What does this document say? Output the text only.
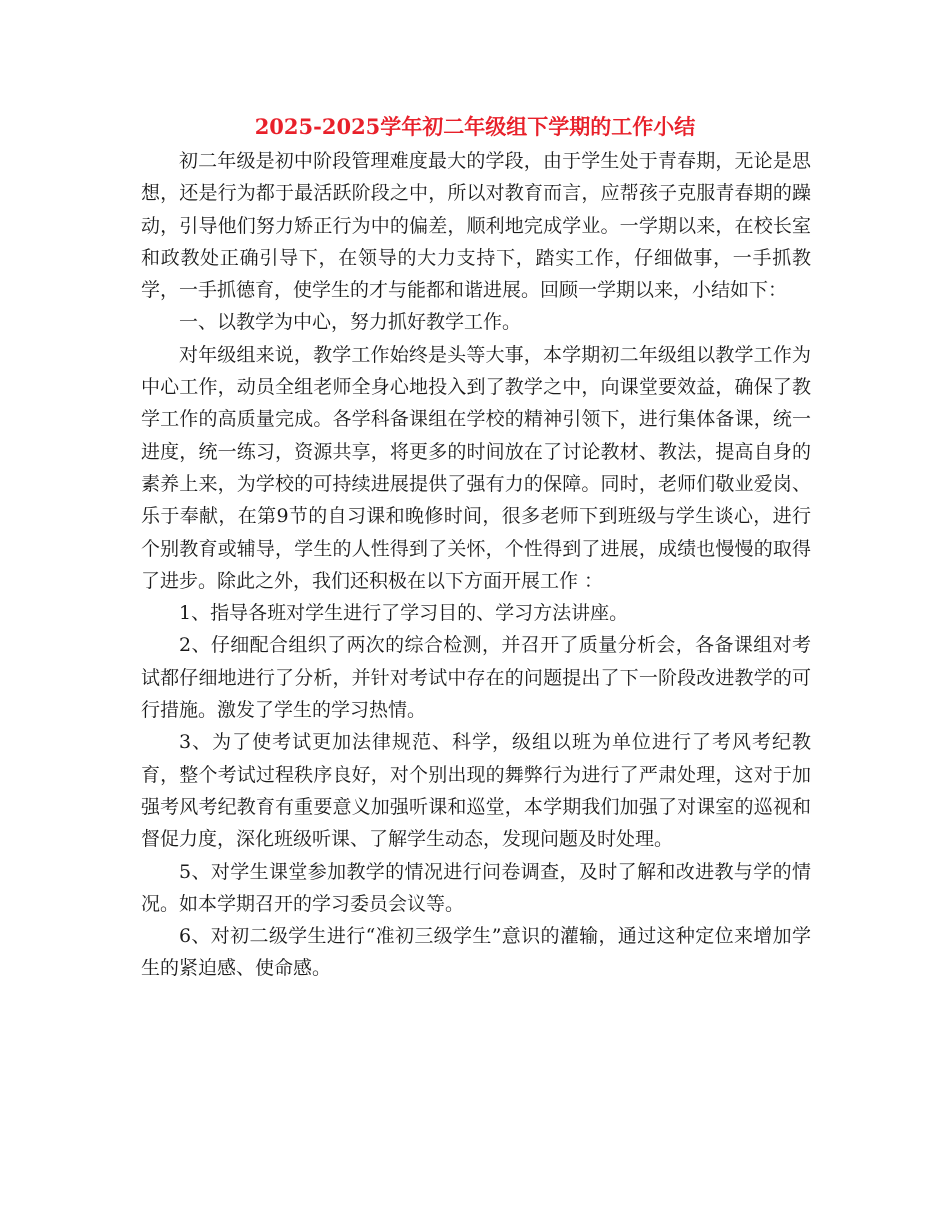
2025-2025学年初二年级组下学期的工作小结

初二年级是初中阶段管理难度最大的学段，由于学生处于青春期，无论是思想，还是行为都于最活跃阶段之中，所以对教育而言，应帮孩子克服青春期的躁动，引导他们努力矫正行为中的偏差，顺利地完成学业。一学期以来，在校长室和政教处正确引导下，在领导的大力支持下，踏实工作，仔细做事，一手抓教学，一手抓德育，使学生的才与能都和谐进展。回顾一学期以来，小结如下：

一、以教学为中心，努力抓好教学工作。

对年级组来说，教学工作始终是头等大事，本学期初二年级组以教学工作为中心工作，动员全组老师全身心地投入到了教学之中，向课堂要效益，确保了教学工作的高质量完成。各学科备课组在学校的精神引领下，进行集体备课，统一进度，统一练习，资源共享，将更多的时间放在了讨论教材、教法，提高自身的素养上来，为学校的可持续进展提供了强有力的保障。同时，老师们敬业爱岗、乐于奉献，在第9节的自习课和晚修时间，很多老师下到班级与学生谈心，进行个别教育或辅导，学生的人性得到了关怀，个性得到了进展，成绩也慢慢的取得了进步。除此之外，我们还积极在以下方面开展工作 ：

1、指导各班对学生进行了学习目的、学习方法讲座。

2、仔细配合组织了两次的综合检测，并召开了质量分析会，各备课组对考试都仔细地进行了分析，并针对考试中存在的问题提出了下一阶段改进教学的可行措施。激发了学生的学习热情。

3、为了使考试更加法律规范、科学，级组以班为单位进行了考风考纪教育，整个考试过程秩序良好，对个别出现的舞弊行为进行了严肃处理，这对于加强考风考纪教育有重要意义加强听课和巡堂，本学期我们加强了对课室的巡视和督促力度，深化班级听课、了解学生动态，发现问题及时处理。

5、对学生课堂参加教学的情况进行问卷调查，及时了解和改进教与学的情况。如本学期召开的学习委员会议等。

6、对初二级学生进行“准初三级学生”意识的灌输，通过这种定位来增加学生的紧迫感、使命感。
